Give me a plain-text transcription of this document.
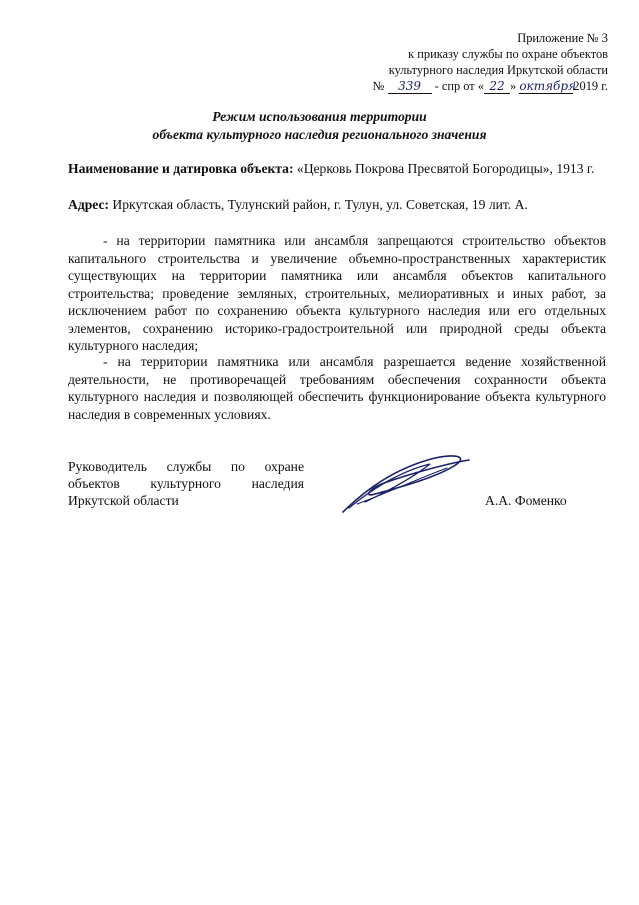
Приложение № 3
к приказу службы по охране объектов
культурного наследия Иркутской области
№ 339 - спр от « 22 » октября2019 г.
Режим использования территории
объекта культурного наследия регионального значения
Наименование и датировка объекта: «Церковь Покрова Пресвятой Богородицы», 1913 г.
Адрес: Иркутская область, Тулунский район, г. Тулун, ул. Советская, 19 лит. А.
- на территории памятника или ансамбля запрещаются строительство объектов капитального строительства и увеличение объемно-пространственных характеристик существующих на территории памятника или ансамбля объектов капитального строительства; проведение земляных, строительных, мелиоративных и иных работ, за исключением работ по сохранению объекта культурного наследия или его отдельных элементов, сохранению историко-градостроительной или природной среды объекта культурного наследия;
- на территории памятника или ансамбля разрешается ведение хозяйственной деятельности, не противоречащей требованиям обеспечения сохранности объекта культурного наследия и позволяющей обеспечить функционирование объекта культурного наследия в современных условиях.
Руководитель службы по охране
объектов культурного наследия
Иркутской области	А.А. Фоменко
